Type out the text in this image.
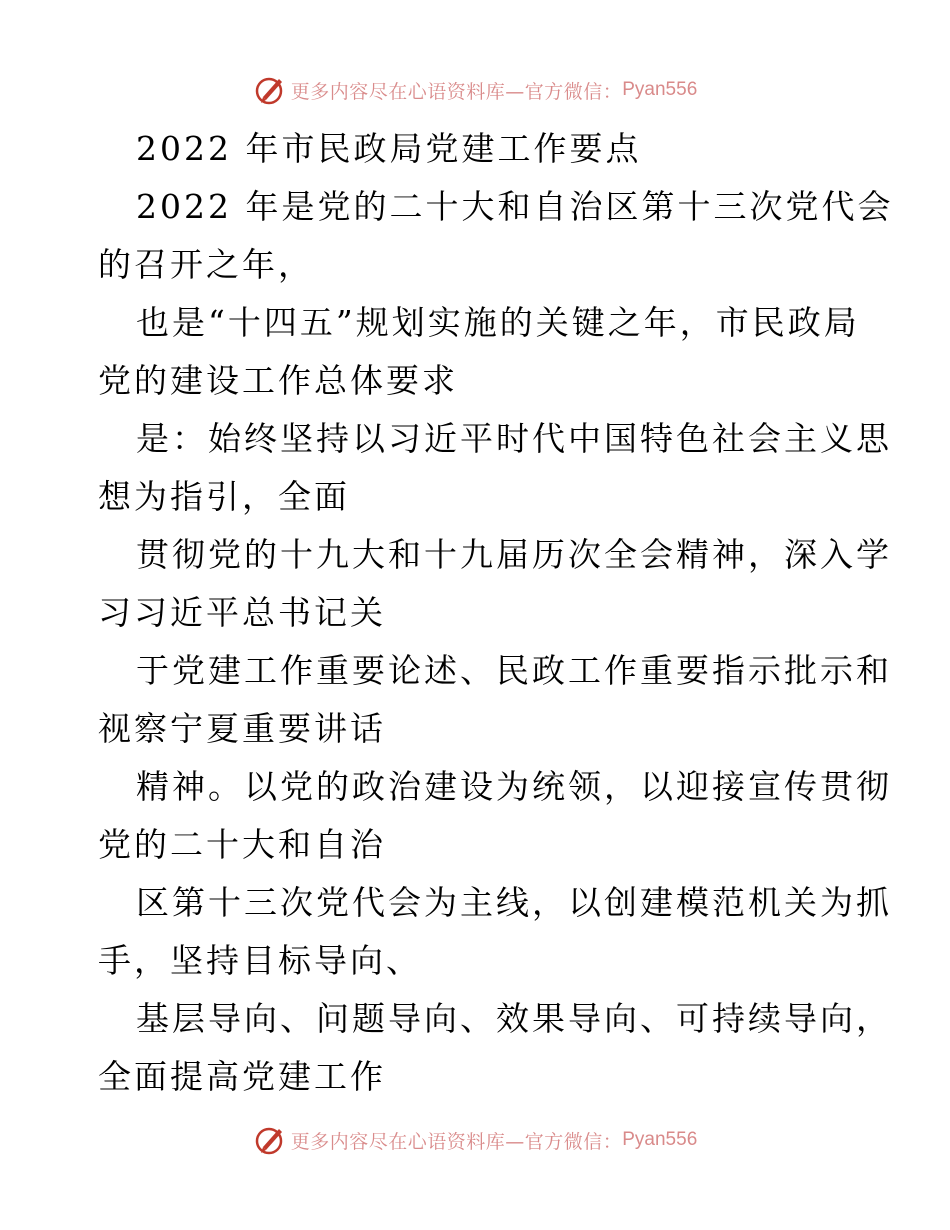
更多内容尽在心语资料库—官方微信： Pyan556
2022 年市民政局党建工作要点
2022 年是党的二十大和自治区第十三次党代会
的召开之年，
也是“十四五”规划实施的关键之年，市民政局
党的建设工作总体要求
是：始终坚持以习近平时代中国特色社会主义思
想为指引，全面
贯彻党的十九大和十九届历次全会精神，深入学
习习近平总书记关
于党建工作重要论述、民政工作重要指示批示和
视察宁夏重要讲话
精神。以党的政治建设为统领，以迎接宣传贯彻
党的二十大和自治
区第十三次党代会为主线，以创建模范机关为抓
手，坚持目标导向、
基层导向、问题导向、效果导向、可持续导向，
全面提高党建工作
更多内容尽在心语资料库—官方微信： Pyan556
